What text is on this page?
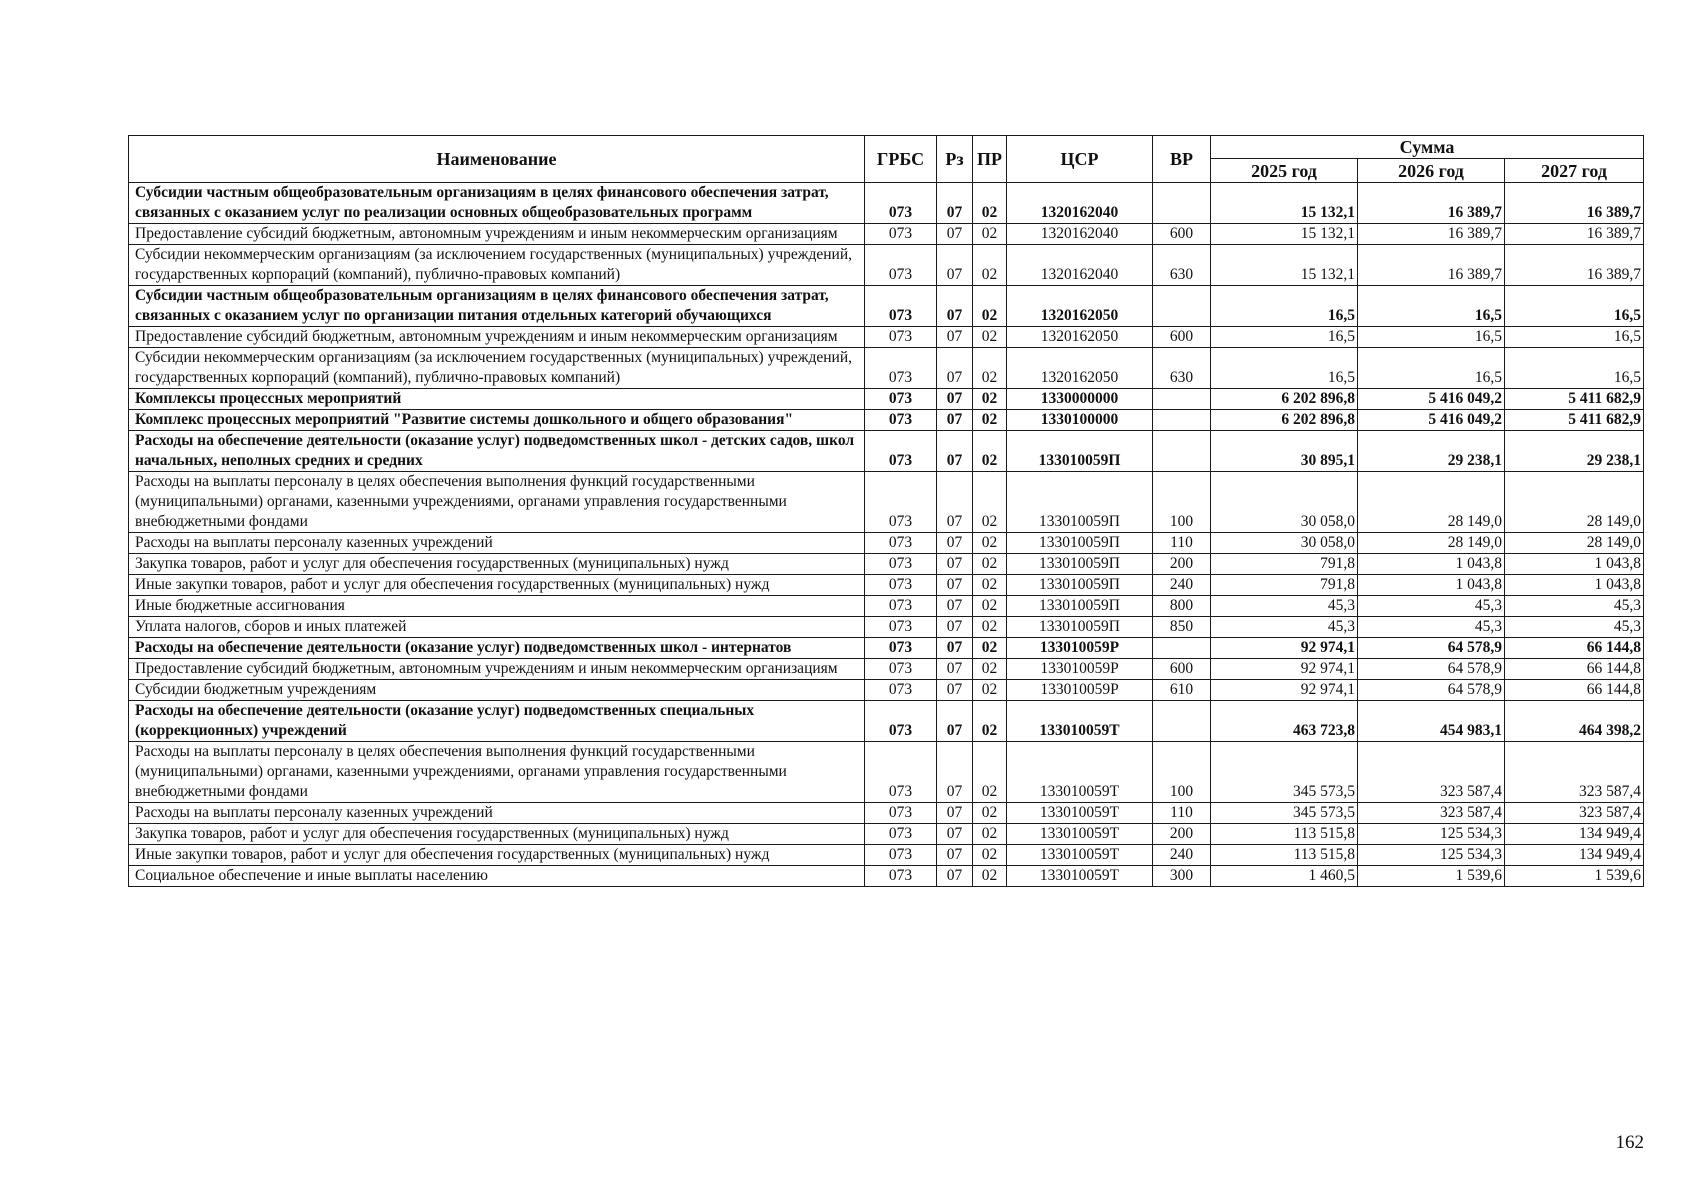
Наименование	ГРБС	Рз	ПР	ЦСР	ВР	Сумма		
						2025 год	2026 год	2027 год
Субсидии частным общеобразовательным организациям в целях финансового обеспечения затрат, связанных с оказанием услуг по реализации основных общеобразовательных программ	073	07	02	1320162040		15 132,1	16 389,7	16 389,7
Предоставление субсидий бюджетным, автономным учреждениям и иным некоммерческим организациям	073	07	02	1320162040	600	15 132,1	16 389,7	16 389,7
Субсидии некоммерческим организациям (за исключением государственных (муниципальных) учреждений, государственных корпораций (компаний), публично-правовых компаний)	073	07	02	1320162040	630	15 132,1	16 389,7	16 389,7
Субсидии частным общеобразовательным организациям в целях финансового обеспечения затрат, связанных с оказанием услуг по организации питания отдельных категорий обучающихся	073	07	02	1320162050		16,5	16,5	16,5
Предоставление субсидий бюджетным, автономным учреждениям и иным некоммерческим организациям	073	07	02	1320162050	600	16,5	16,5	16,5
Субсидии некоммерческим организациям (за исключением государственных (муниципальных) учреждений, государственных корпораций (компаний), публично-правовых компаний)	073	07	02	1320162050	630	16,5	16,5	16,5
Комплексы процессных мероприятий	073	07	02	1330000000		6 202 896,8	5 416 049,2	5 411 682,9
Комплекс процессных мероприятий "Развитие системы дошкольного и общего образования"	073	07	02	1330100000		6 202 896,8	5 416 049,2	5 411 682,9
Расходы на обеспечение деятельности (оказание услуг) подведомственных школ - детских садов, школ начальных, неполных средних и средних	073	07	02	133010059П		30 895,1	29 238,1	29 238,1
Расходы на выплаты персоналу в целях обеспечения выполнения функций государственными (муниципальными) органами, казенными учреждениями, органами управления государственными внебюджетными фондами	073	07	02	133010059П	100	30 058,0	28 149,0	28 149,0
Расходы на выплаты персоналу казенных учреждений	073	07	02	133010059П	110	30 058,0	28 149,0	28 149,0
Закупка товаров, работ и услуг для обеспечения государственных (муниципальных) нужд	073	07	02	133010059П	200	791,8	1 043,8	1 043,8
Иные закупки товаров, работ и услуг для обеспечения государственных (муниципальных) нужд	073	07	02	133010059П	240	791,8	1 043,8	1 043,8
Иные бюджетные ассигнования	073	07	02	133010059П	800	45,3	45,3	45,3
Уплата налогов, сборов и иных платежей	073	07	02	133010059П	850	45,3	45,3	45,3
Расходы на обеспечение деятельности (оказание услуг) подведомственных школ - интернатов	073	07	02	133010059Р		92 974,1	64 578,9	66 144,8
Предоставление субсидий бюджетным, автономным учреждениям и иным некоммерческим организациям	073	07	02	133010059Р	600	92 974,1	64 578,9	66 144,8
Субсидии бюджетным учреждениям	073	07	02	133010059Р	610	92 974,1	64 578,9	66 144,8
Расходы на обеспечение деятельности (оказание услуг) подведомственных специальных (коррекционных) учреждений	073	07	02	133010059Т		463 723,8	454 983,1	464 398,2
Расходы на выплаты персоналу в целях обеспечения выполнения функций государственными (муниципальными) органами, казенными учреждениями, органами управления государственными внебюджетными фондами	073	07	02	133010059Т	100	345 573,5	323 587,4	323 587,4
Расходы на выплаты персоналу казенных учреждений	073	07	02	133010059Т	110	345 573,5	323 587,4	323 587,4
Закупка товаров, работ и услуг для обеспечения государственных (муниципальных) нужд	073	07	02	133010059Т	200	113 515,8	125 534,3	134 949,4
Иные закупки товаров, работ и услуг для обеспечения государственных (муниципальных) нужд	073	07	02	133010059Т	240	113 515,8	125 534,3	134 949,4
Социальное обеспечение и иные выплаты населению	073	07	02	133010059Т	300	1 460,5	1 539,6	1 539,6
162
